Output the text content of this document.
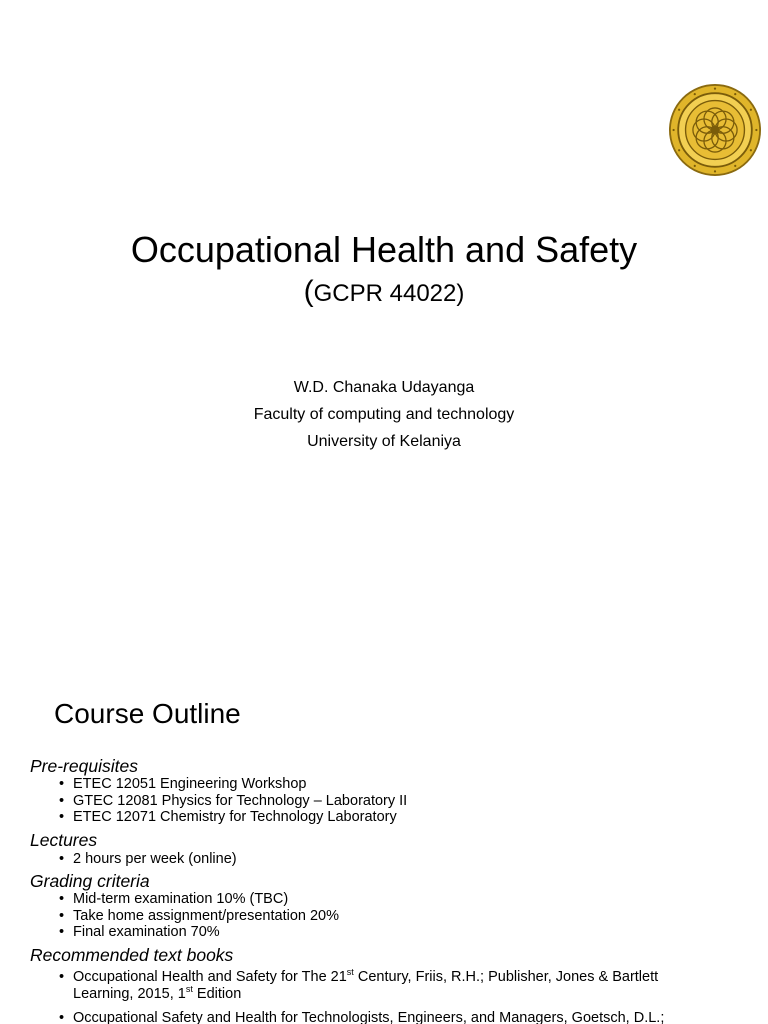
Occupational Health and Safety
(GCPR 44022)
W.D. Chanaka Udayanga
Faculty of computing and technology
University of Kelaniya
Course Outline
Pre-requisites
• ETEC 12051 Engineering Workshop
• GTEC 12081 Physics for Technology – Laboratory II
• ETEC 12071 Chemistry for Technology Laboratory
Lectures
• 2 hours per week (online)
Grading criteria
• Mid-term examination 10% (TBC)
• Take home assignment/presentation 20%
• Final examination 70%
Recommended text books
• Occupational Health and Safety for The 21st Century, Friis, R.H.; Publisher, Jones & Bartlett
Learning, 2015, 1st Edition
• Occupational Safety and Health for Technologists, Engineers, and Managers, Goetsch, D.L.;
